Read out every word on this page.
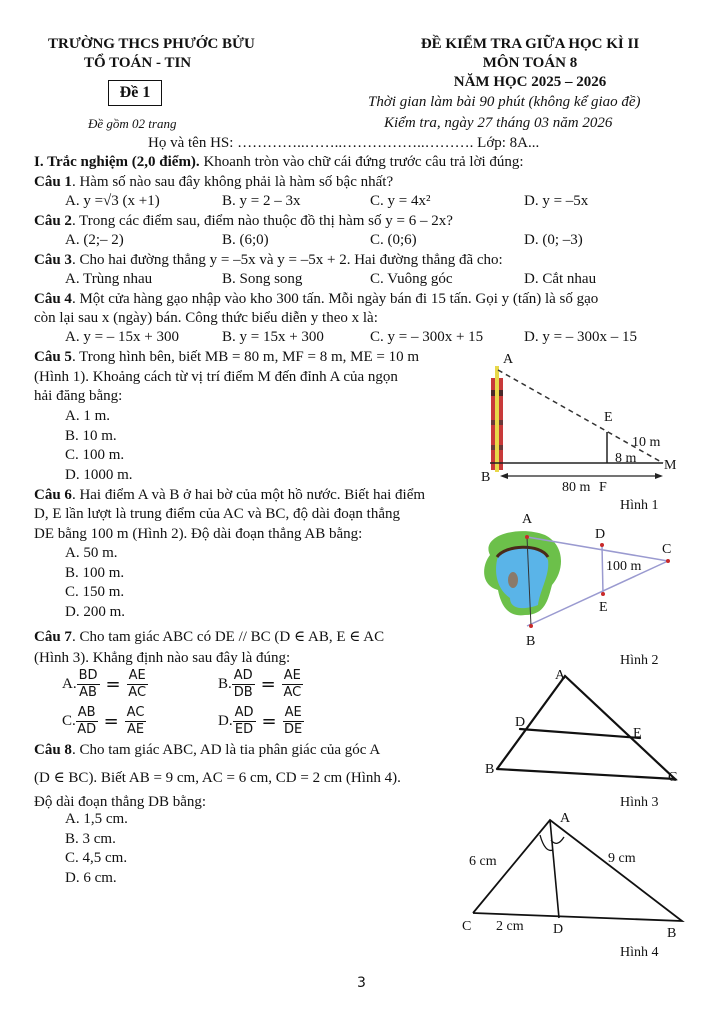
TRƯỜNG THCS PHƯỚC BỬU
TỔ TOÁN - TIN
Đề 1
Đề gồm 02 trang
ĐỀ KIỂM TRA GIỮA HỌC KÌ II
MÔN TOÁN 8
NĂM HỌC 2025 – 2026
Thời gian làm bài 90 phút (không kể giao đề)
Kiểm tra, ngày 27 tháng 03 năm 2026
Họ và tên HS: …………..……..……………..………. Lớp: 8A...
I. Trắc nghiệm (2,0 điểm). Khoanh tròn vào chữ cái đứng trước câu trả lời đúng:
Câu 1. Hàm số nào sau đây không phải là hàm số bậc nhất?
A. y =√3 (x +1)	B. y = 2 – 3x	C. y = 4x²	D. y = –5x
Câu 2. Trong các điểm sau, điểm nào thuộc đồ thị hàm số y = 6 – 2x?
A. (2;– 2)	B. (6;0)	C. (0;6)	D. (0; –3)
Câu 3. Cho hai đường thẳng y = –5x và y = –5x + 2. Hai đường thẳng đã cho:
A. Trùng nhau	B. Song song	C. Vuông góc	D. Cắt nhau
Câu 4. Một cửa hàng gạo nhập vào kho 300 tấn. Mỗi ngày bán đi 15 tấn. Gọi y (tấn) là số gạo
còn lại sau x (ngày) bán. Công thức biểu diễn y theo x là:
A. y = – 15x + 300	B. y = 15x + 300	C. y = – 300x + 15	D. y = – 300x – 15
Câu 5. Trong hình bên, biết MB = 80 m, MF = 8 m, ME = 10 m
(Hình 1). Khoảng cách từ vị trí điểm M đến đỉnh A của ngọn
hải đăng bằng:
A. 1 m.
B. 10 m.
C. 100 m.
D. 1000 m.
Câu 6. Hai điểm A và B ở hai bờ của một hồ nước. Biết hai điểm
D, E lần lượt là trung điểm của AC và BC, độ dài đoạn thẳng
DE bằng 100 m (Hình 2). Độ dài đoạn thẳng AB bằng:
A. 50 m.
B. 100 m.
C. 150 m.
D. 200 m.
Câu 7. Cho tam giác ABC có DE // BC (D ∈ AB, E ∈ AC
(Hình 3). Khẳng định nào sau đây là đúng:
A. $\frac{BD}{AB} = \frac{AE}{AC}$	B. $\frac{AD}{DB} = \frac{AE}{AC}$
C. $\frac{AB}{AD} = \frac{AC}{AE}$	D. $\frac{AD}{ED} = \frac{AE}{DE}$
Câu 8. Cho tam giác ABC, AD là tia phân giác của góc A
(D ∈ BC). Biết AB = 9 cm, AC = 6 cm, CD = 2 cm (Hình 4).
Độ dài đoạn thẳng DB bằng:
A. 1,5 cm.
B. 3 cm.
C. 4,5 cm.
D. 6 cm.
A
E
10 m
8 m M
B
80 m F
Hình 1
A
D
C
100 m
E
B
Hình 2
A
D
E
B
C
Hình 3
A
6 cm	9 cm
C 2 cm D	B
Hình 4
3
